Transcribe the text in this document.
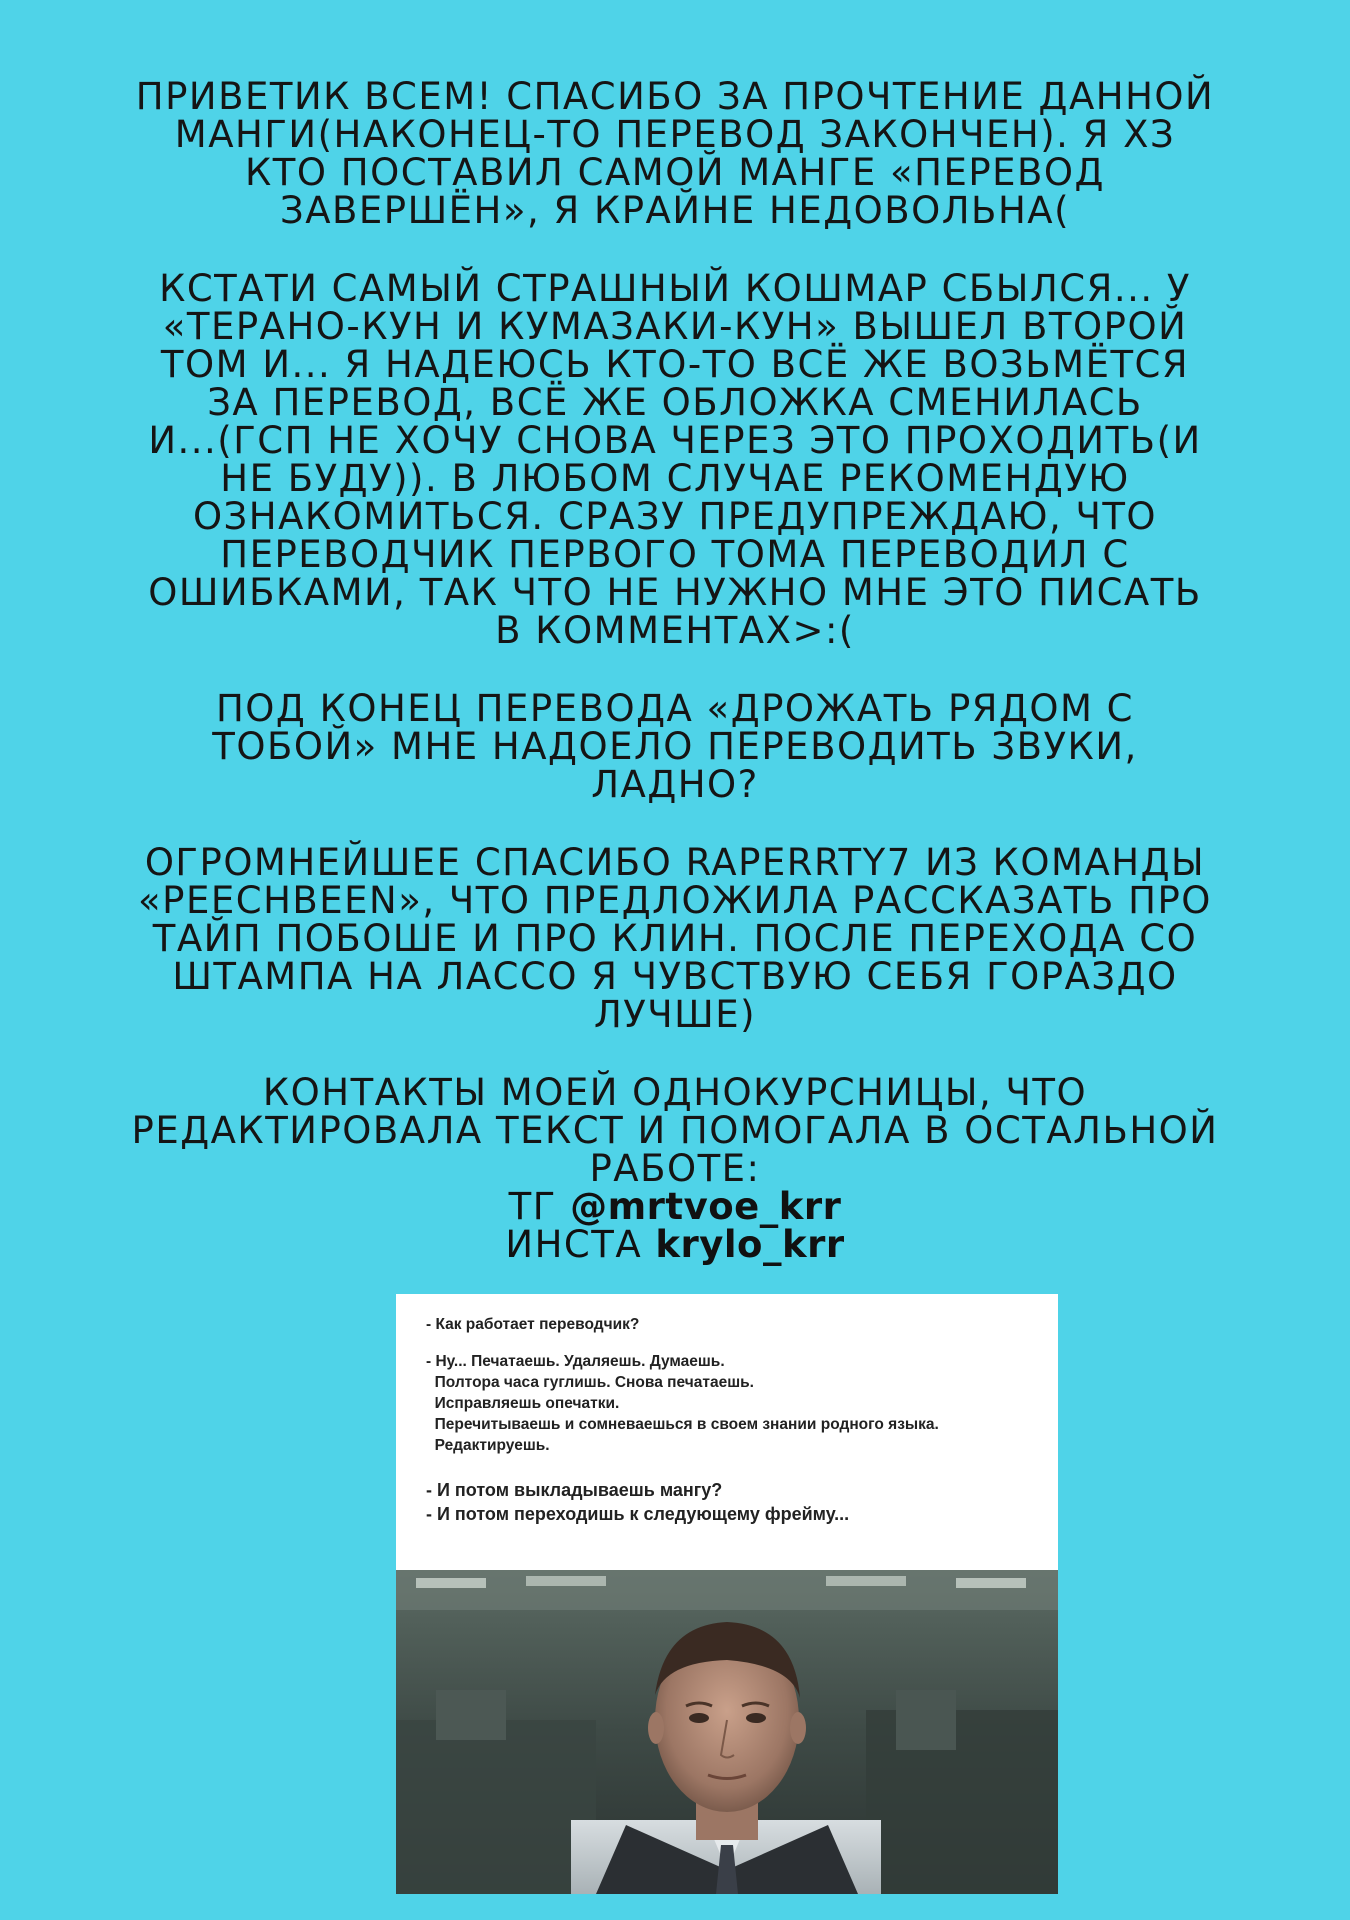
ПРИВЕТИК ВСЕМ! СПАСИБО ЗА ПРОЧТЕНИЕ ДАННОЙ
МАНГИ(НАКОНЕЦ-ТО ПЕРЕВОД ЗАКОНЧЕН). Я ХЗ
КТО ПОСТАВИЛ САМОЙ МАНГЕ «ПЕРЕВОД
ЗАВЕРШЁН», Я КРАЙНЕ НЕДОВОЛЬНА(

КСТАТИ САМЫЙ СТРАШНЫЙ КОШМАР СБЫЛСЯ... У
«ТЕРАНО-КУН И КУМАЗАКИ-КУН» ВЫШЕЛ ВТОРОЙ
ТОМ И... Я НАДЕЮСЬ КТО-ТО ВСЁ ЖЕ ВОЗЬМЁТСЯ
ЗА ПЕРЕВОД, ВСЁ ЖЕ ОБЛОЖКА СМЕНИЛАСЬ
И...(ГСП НЕ ХОЧУ СНОВА ЧЕРЕЗ ЭТО ПРОХОДИТЬ(И
НЕ БУДУ)). В ЛЮБОМ СЛУЧАЕ РЕКОМЕНДУЮ
ОЗНАКОМИТЬСЯ. СРАЗУ ПРЕДУПРЕЖДАЮ, ЧТО
ПЕРЕВОДЧИК ПЕРВОГО ТОМА ПЕРЕВОДИЛ С
ОШИБКАМИ, ТАК ЧТО НЕ НУЖНО МНЕ ЭТО ПИСАТЬ
В КОММЕНТАХ>:(

ПОД КОНЕЦ ПЕРЕВОДА «ДРОЖАТЬ РЯДОМ С
ТОБОЙ» МНЕ НАДОЕЛО ПЕРЕВОДИТЬ ЗВУКИ,
ЛАДНО?

ОГРОМНЕЙШЕЕ СПАСИБО RAPERRTY7 ИЗ КОМАНДЫ
«PEECHBEEN», ЧТО ПРЕДЛОЖИЛА РАССКАЗАТЬ ПРО
ТАЙП ПОБОШЕ И ПРО КЛИН. ПОСЛЕ ПЕРЕХОДА СО
ШТАМПА НА ЛАССО Я ЧУВСТВУЮ СЕБЯ ГОРАЗДО
ЛУЧШЕ)

КОНТАКТЫ МОЕЙ ОДНОКУРСНИЦЫ, ЧТО
РЕДАКТИРОВАЛА ТЕКСТ И ПОМОГАЛА В ОСТАЛЬНОЙ
РАБОТЕ:

ТГ @mrtvoe_krr
ИНСТА krylo_krr
- Как работает переводчик?
- Ну... Печатаешь. Удаляешь. Думаешь.
Полтора часа гуглишь. Снова печатаешь.
Исправляешь опечатки.
Перечитываешь и сомневаешься в своем знании родного языка.
Редактируешь.
- И потом выкладываешь мангу?
- И потом переходишь к следующему фрейму...
